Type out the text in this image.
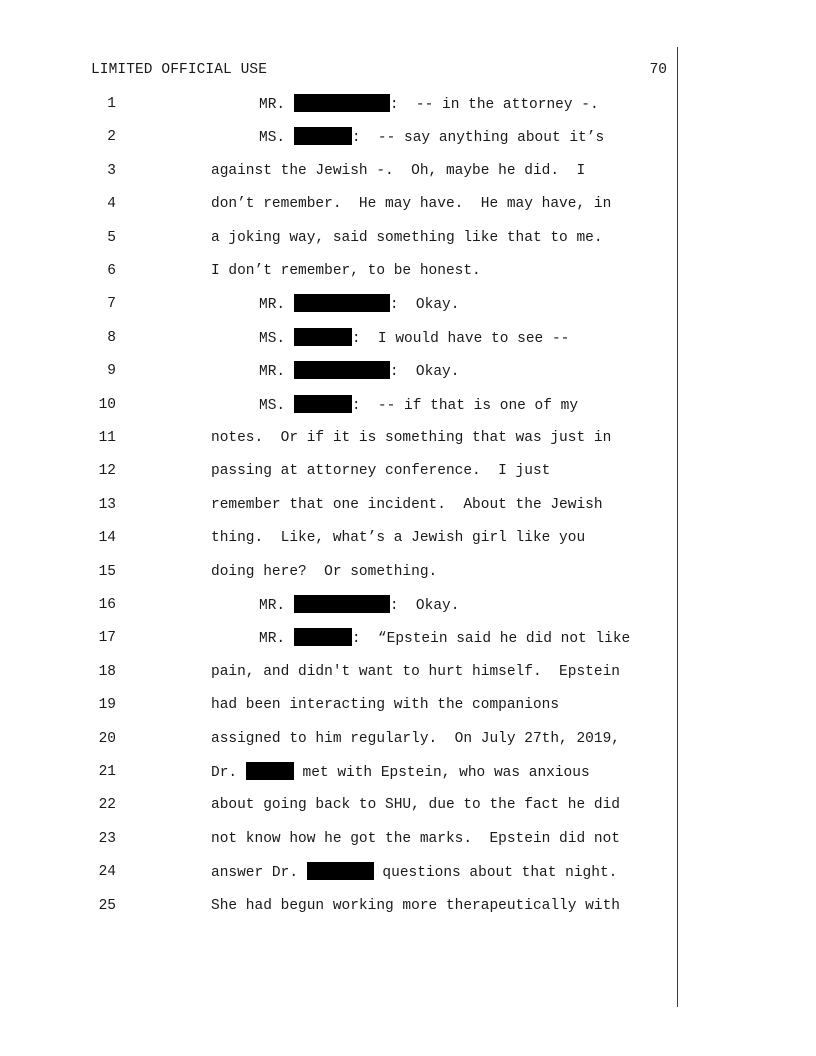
LIMITED OFFICIAL USE	70
1	MR.	:  -- in the attorney -.
2	MS.	:  -- say anything about it’s
3	against the Jewish -.  Oh, maybe he did.  I
4	don’t remember.  He may have.  He may have, in
5	a joking way, said something like that to me.
6	I don’t remember, to be honest.
7	MR.	:  Okay.
8	MS.	:  I would have to see --
9	MR.	:  Okay.
10	MS.	:  -- if that is one of my
11	notes.  Or if it is something that was just in
12	passing at attorney conference.  I just
13	remember that one incident.  About the Jewish
14	thing.  Like, what’s a Jewish girl like you
15	doing here?  Or something.
16	MR.	:  Okay.
17	MR.	:  “Epstein said he did not like
18	pain, and didn't want to hurt himself.  Epstein
19	had been interacting with the companions
20	assigned to him regularly.  On July 27th, 2019,
21	Dr.	met with Epstein, who was anxious
22	about going back to SHU, due to the fact he did
23	not know how he got the marks.  Epstein did not
24	answer Dr.	questions about that night.
25	She had begun working more therapeutically with
